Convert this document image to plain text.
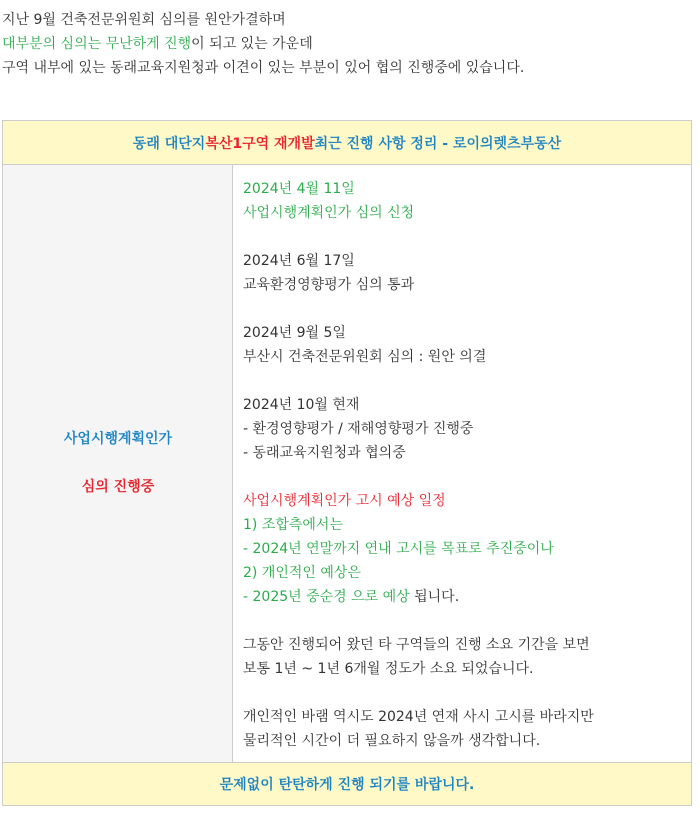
지난 9월 건축전문위원회 심의를 원안가결하며
대부분의 심의는 무난하게 진행이 되고 있는 가운데
구역 내부에 있는 동래교육지원청과 이견이 있는 부분이 있어 협의 진행중에 있습니다.
동래 대단지 복산1구역 재개발 최근 진행 사항 정리 - 로이의렛츠부동산
사업시행계획인가
심의 진행중
2024년 4월 11일
사업시행계획인가 심의 신청
2024년 6월 17일
교육환경영향평가 심의 통과
2024년 9월 5일
부산시 건축전문위원회 심의 : 원안 의결
2024년 10월 현재
- 환경영향평가 / 재해영향평가 진행중
- 동래교육지원청과 협의중
사업시행계획인가 고시 예상 일정
1) 조합측에서는
- 2024년 연말까지 연내 고시를 목표로 추진중이나
2) 개인적인 예상은
- 2025년 중순경 으로 예상 됩니다.
그동안 진행되어 왔던 타 구역들의 진행 소요 기간을 보면
보통 1년 ~ 1년 6개월 정도가 소요 되었습니다.
개인적인 바램 역시도 2024년 연재 사시 고시를 바라지만
물리적인 시간이 더 필요하지 않을까 생각합니다.
문제없이 탄탄하게 진행 되기를 바랍니다.
